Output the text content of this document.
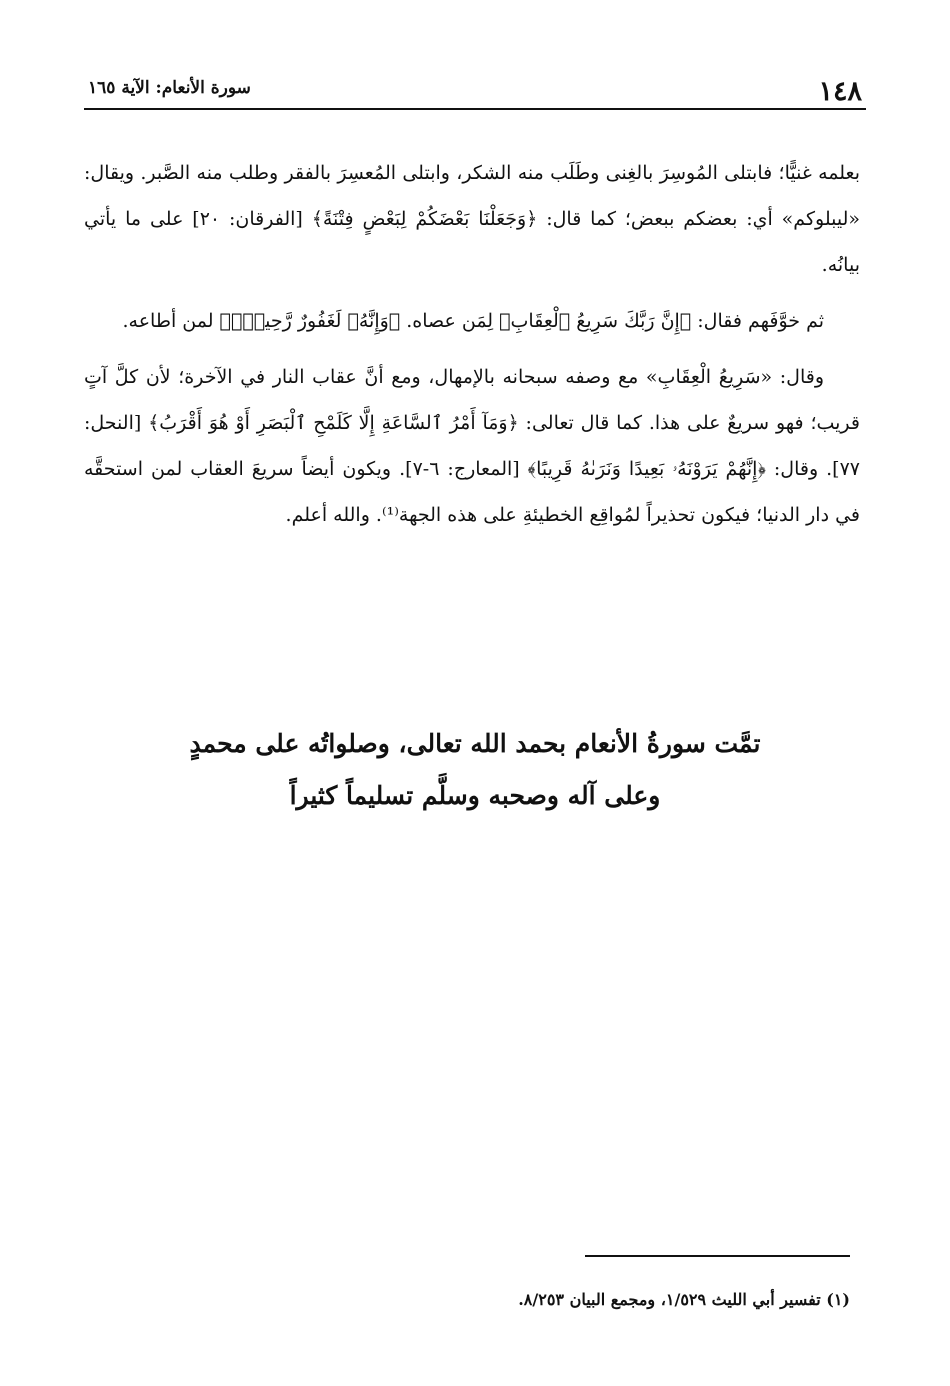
١٤٨
سورة الأنعام: الآية ١٦٥

بعلمه غنيًّا؛ فابتلى المُوسِرَ بالغِنى وطَلَب منه الشكر، وابتلى المُعسِرَ بالفقر وطلب منه الصَّبر. ويقال: «ليبلوكم» أي: بعضكم ببعض؛ كما قال: ﴿وَجَعَلْنَا بَعْضَكُمْ لِبَعْضٍ فِتْنَةً﴾ [الفرقان: ٢٠] على ما يأتي بيانُه.

ثم خوَّفَهم فقال: ﴿إِنَّ رَبَّكَ سَرِيعُ ٱلْعِقَابِ﴾ لِمَن عصاه. ﴿وَإِنَّهُۥ لَغَفُورٌ رَّحِيمٌۢ﴾ لمن أطاعه.

وقال: «سَرِيعُ الْعِقَابِ» مع وصفه سبحانه بالإمهال، ومع أنَّ عقاب النار في الآخرة؛ لأن كلَّ آتٍ قريب؛ فهو سريعٌ على هذا. كما قال تعالى: ﴿وَمَآ أَمْرُ ٱلسَّاعَةِ إِلَّا كَلَمْحِ ٱلْبَصَرِ أَوْ هُوَ أَقْرَبُ﴾ [النحل: ٧٧]. وقال: ﴿إِنَّهُمْ يَرَوْنَهُۥ بَعِيدًا وَنَرَىٰهُ قَرِيبًا﴾ [المعارج: ٦-٧]. ويكون أيضاً سريعَ العقاب لمن استحقَّه في دار الدنيا؛ فيكون تحذيراً لمُواقِع الخطيئةِ على هذه الجهة⁽¹⁾. والله أعلم.

تمَّت سورةُ الأنعام بحمد الله تعالى، وصلواتُه على محمدٍ
وعلى آله وصحبه وسلَّم تسليماً كثيراً
(١) تفسير أبي الليث ١/٥٢٩، ومجمع البيان ٨/٢٥٣.
